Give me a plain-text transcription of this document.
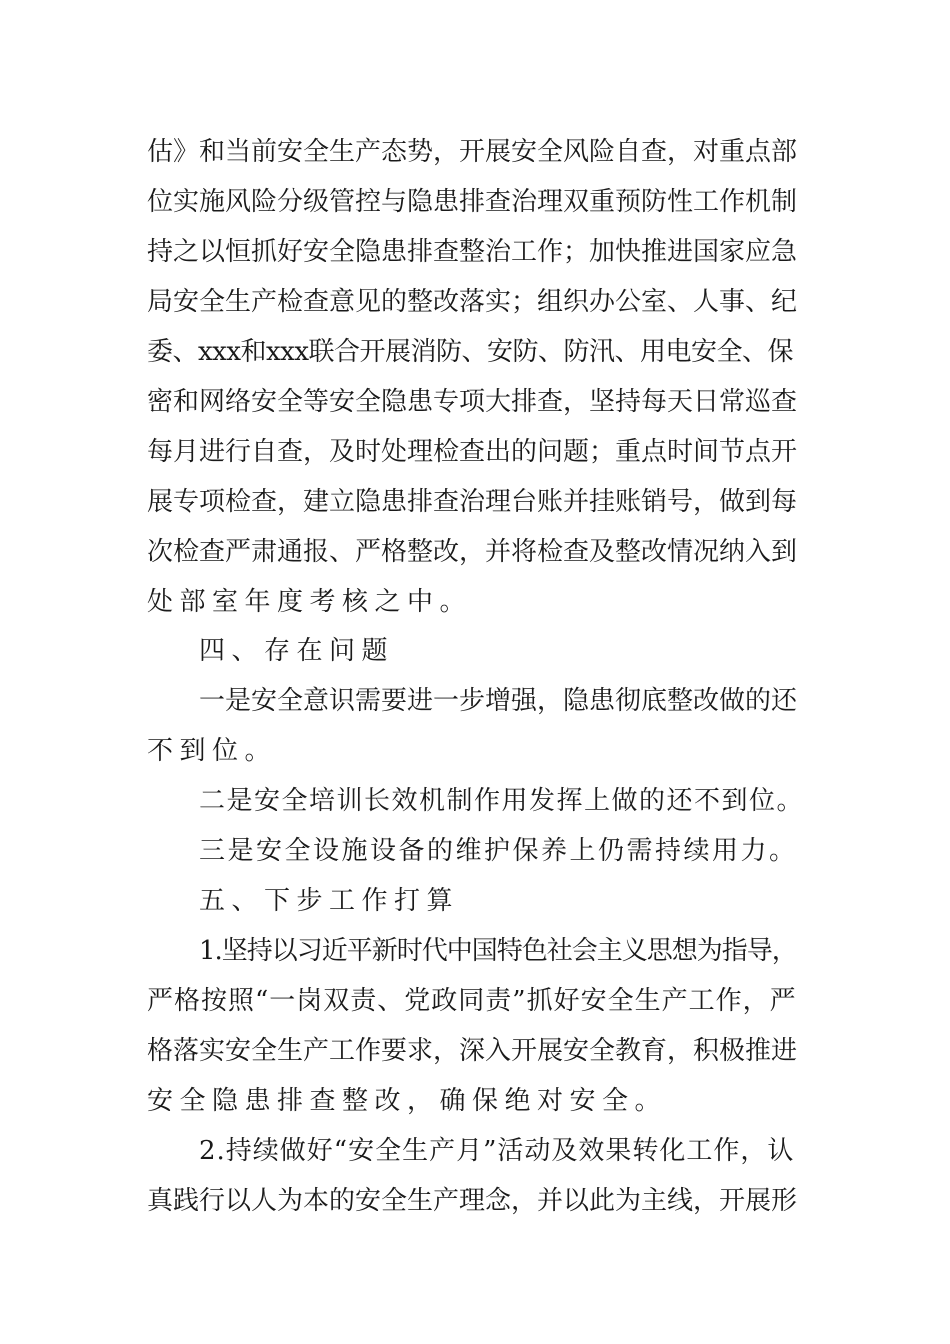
估》和当前安全生产态势，开展安全风险自查，对重点部
位实施风险分级管控与隐患排查治理双重预防性工作机制
持之以恒抓好安全隐患排查整治工作；加快推进国家应急
局安全生产检查意见的整改落实；组织办公室、人事、纪
委、xxx和xxx联合开展消防、安防、防汛、用电安全、保
密和网络安全等安全隐患专项大排查，坚持每天日常巡查
每月进行自查，及时处理检查出的问题；重点时间节点开
展专项检查，建立隐患排查治理台账并挂账销号，做到每
次检查严肃通报、严格整改，并将检查及整改情况纳入到
处部室年度考核之中。
四、存在问题
一是安全意识需要进一步增强，隐患彻底整改做的还
不到位。
二是安全培训长效机制作用发挥上做的还不到位。
三是安全设施设备的维护保养上仍需持续用力。
五、下步工作打算
1.坚持以习近平新时代中国特色社会主义思想为指导，
严格按照“一岗双责、党政同责”抓好安全生产工作，严
格落实安全生产工作要求，深入开展安全教育，积极推进
安全隐患排查整改，确保绝对安全。
2.持续做好“安全生产月”活动及效果转化工作，认
真践行以人为本的安全生产理念，并以此为主线，开展形
